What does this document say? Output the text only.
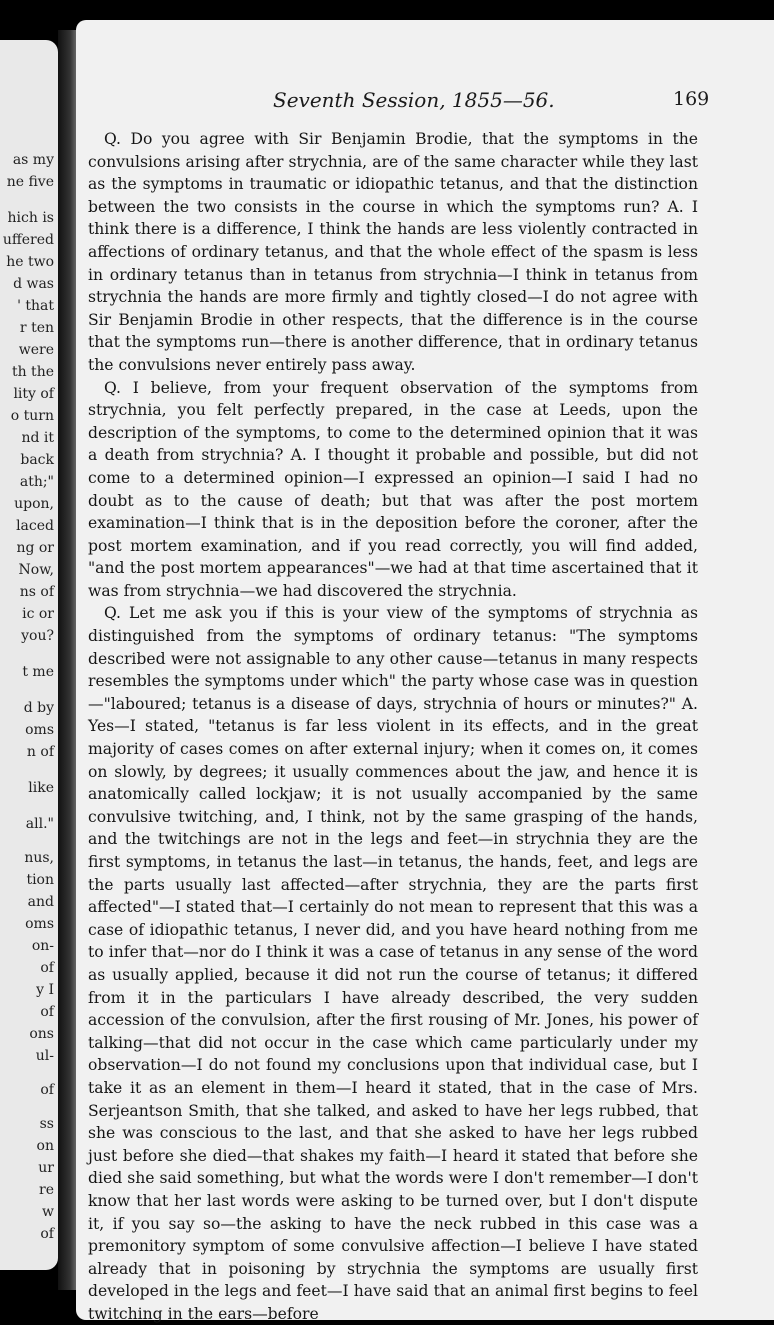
as my
ne five
hich is
uffered
he two
d was
' that
r ten
were
th the
lity of
o turn
nd it
back
ath;"
upon,
laced
ng or
Now,
ns of
ic or
you?
t me
d by
oms
n of
like
all."
nus,
tion
and
oms
on-
of
y I
of
ons
ul-
of
ss
on
ur
re
w
of
Seventh Session, 1855—56.	169

Q. Do you agree with Sir Benjamin Brodie, that the symptoms in the convulsions arising after strychnia, are of the same character while they last as the symptoms in traumatic or idiopathic tetanus, and that the distinction between the two consists in the course in which the symptoms run? A. I think there is a difference, I think the hands are less violently contracted in affections of ordinary tetanus, and that the whole effect of the spasm is less in ordinary tetanus than in tetanus from strychnia—I think in tetanus from strychnia the hands are more firmly and tightly closed—I do not agree with Sir Benjamin Brodie in other respects, that the difference is in the course that the symptoms run—there is another difference, that in ordinary tetanus the convulsions never entirely pass away.

Q. I believe, from your frequent observation of the symptoms from strychnia, you felt perfectly prepared, in the case at Leeds, upon the description of the symptoms, to come to the determined opinion that it was a death from strychnia? A. I thought it probable and possible, but did not come to a determined opinion—I expressed an opinion—I said I had no doubt as to the cause of death; but that was after the post mortem examination—I think that is in the deposition before the coroner, after the post mortem examination, and if you read correctly, you will find added, "and the post mortem appearances"—we had at that time ascertained that it was from strychnia—we had discovered the strychnia.

Q. Let me ask you if this is your view of the symptoms of strychnia as distinguished from the symptoms of ordinary tetanus: "The symptoms described were not assignable to any other cause—tetanus in many respects resembles the symptoms under which" the party whose case was in question—"laboured; tetanus is a disease of days, strychnia of hours or minutes?" A. Yes—I stated, "tetanus is far less violent in its effects, and in the great majority of cases comes on after external injury; when it comes on, it comes on slowly, by degrees; it usually commences about the jaw, and hence it is anatomically called lockjaw; it is not usually accompanied by the same convulsive twitching, and, I think, not by the same grasping of the hands, and the twitchings are not in the legs and feet—in strychnia they are the first symptoms, in tetanus the last—in tetanus, the hands, feet, and legs are the parts usually last affected—after strychnia, they are the parts first affected"—I stated that—I certainly do not mean to represent that this was a case of idiopathic tetanus, I never did, and you have heard nothing from me to infer that—nor do I think it was a case of tetanus in any sense of the word as usually applied, because it did not run the course of tetanus; it differed from it in the particulars I have already described, the very sudden accession of the convulsion, after the first rousing of Mr. Jones, his power of talking—that did not occur in the case which came particularly under my observation—I do not found my conclusions upon that individual case, but I take it as an element in them—I heard it stated, that in the case of Mrs. Serjeantson Smith, that she talked, and asked to have her legs rubbed, that she was conscious to the last, and that she asked to have her legs rubbed just before she died—that shakes my faith—I heard it stated that before she died she said something, but what the words were I don't remember—I don't know that her last words were asking to be turned over, but I don't dispute it, if you say so—the asking to have the neck rubbed in this case was a premonitory symptom of some convulsive affection—I believe I have stated already that in poisoning by strychnia the symptoms are usually first developed in the legs and feet—I have said that an animal first begins to feel twitching in the ears—before
